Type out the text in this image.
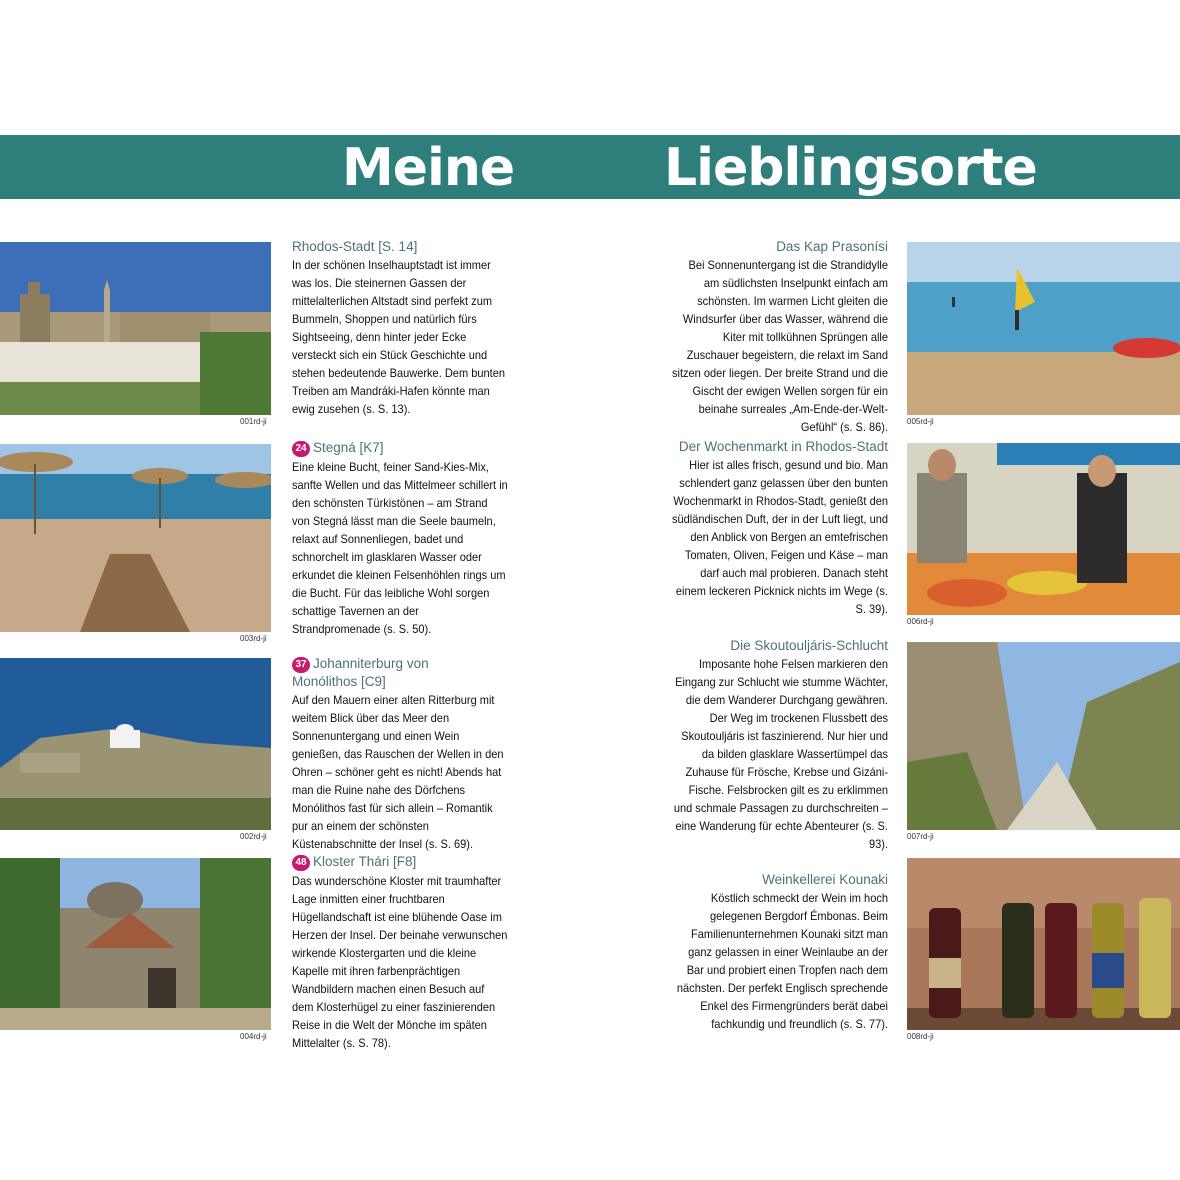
Meine	Lieblingsorte
001rd-ji
003rd-ji
002rd-ji
004rd-ji

Rhodos-Stadt [S. 14]

In der schönen Inselhauptstadt ist immer was los. Die steinernen Gassen der mittelalterlichen Altstadt sind perfekt zum Bummeln, Shoppen und natürlich fürs Sightseeing, denn hinter jeder Ecke versteckt sich ein Stück Geschichte und stehen bedeutende Bauwerke. Dem bunten Treiben am Mandráki-Hafen könnte man ewig zusehen (s. S. 13).

24 Stegná [K7]

Eine kleine Bucht, feiner Sand-Kies-Mix, sanfte Wellen und das Mittelmeer schillert in den schönsten Türkistönen – am Strand von Stegná lässt man die Seele baumeln, relaxt auf Sonnenliegen, badet und schnorchelt im glasklaren Wasser oder erkundet die kleinen Felsenhöhlen rings um die Bucht. Für das leibliche Wohl sorgen schattige Tavernen an der Strandpromenade (s. S. 50).

37 Johanniterburg von Monólithos [C9]

Auf den Mauern einer alten Ritterburg mit weitem Blick über das Meer den Sonnenuntergang und einen Wein genießen, das Rauschen der Wellen in den Ohren – schöner geht es nicht! Abends hat man die Ruine nahe des Dörfchens Monólithos fast für sich allein – Romantik pur an einem der schönsten Küstenabschnitte der Insel (s. S. 69).

48 Kloster Thári [F8]

Das wunderschöne Kloster mit traumhafter Lage inmitten einer fruchtbaren Hügellandschaft ist eine blühende Oase im Herzen der Insel. Der beinahe verwunschen wirkende Klostergarten und die kleine Kapelle mit ihren farbenprächtigen Wandbildern machen einen Besuch auf dem Klosterhügel zu einer faszinierenden Reise in die Welt der Mönche im späten Mittelalter (s. S. 78).

005rd-ji
006rd-ji
007rd-ji
008rd-ji

Das Kap Prasonísi

Bei Sonnenuntergang ist die Strandidylle am südlichsten Inselpunkt einfach am schönsten. Im warmen Licht gleiten die Windsurfer über das Wasser, während die Kiter mit tollkühnen Sprüngen alle Zuschauer begeistern, die relaxt im Sand sitzen oder liegen. Der breite Strand und die Gischt der ewigen Wellen sorgen für ein beinahe surreales „Am-Ende-der-Welt-Gefühl“ (s. S. 86).

Der Wochenmarkt in Rhodos-Stadt

Hier ist alles frisch, gesund und bio. Man schlendert ganz gelassen über den bunten Wochenmarkt in Rhodos-Stadt, genießt den südländischen Duft, der in der Luft liegt, und den Anblick von Bergen an emtefrischen Tomaten, Oliven, Feigen und Käse – man darf auch mal probieren. Danach steht einem leckeren Picknick nichts im Wege (s. S. 39).

Die Skoutouljáris-Schlucht

Imposante hohe Felsen markieren den Eingang zur Schlucht wie stumme Wächter, die dem Wanderer Durchgang gewähren. Der Weg im trockenen Flussbett des Skoutouljáris ist faszinierend. Nur hier und da bilden glasklare Wassertümpel das Zuhause für Frösche, Krebse und Gizáni-Fische. Felsbrocken gilt es zu erklimmen und schmale Passagen zu durchschreiten – eine Wanderung für echte Abenteurer (s. S. 93).

Weinkellerei Kounaki

Köstlich schmeckt der Wein im hoch gelegenen Bergdorf Émbonas. Beim Familienunternehmen Kounaki sitzt man ganz gelassen in einer Weinlaube an der Bar und probiert einen Tropfen nach dem nächsten. Der perfekt Englisch sprechende Enkel des Firmengründers berät dabei fachkundig und freundlich (s. S. 77).
